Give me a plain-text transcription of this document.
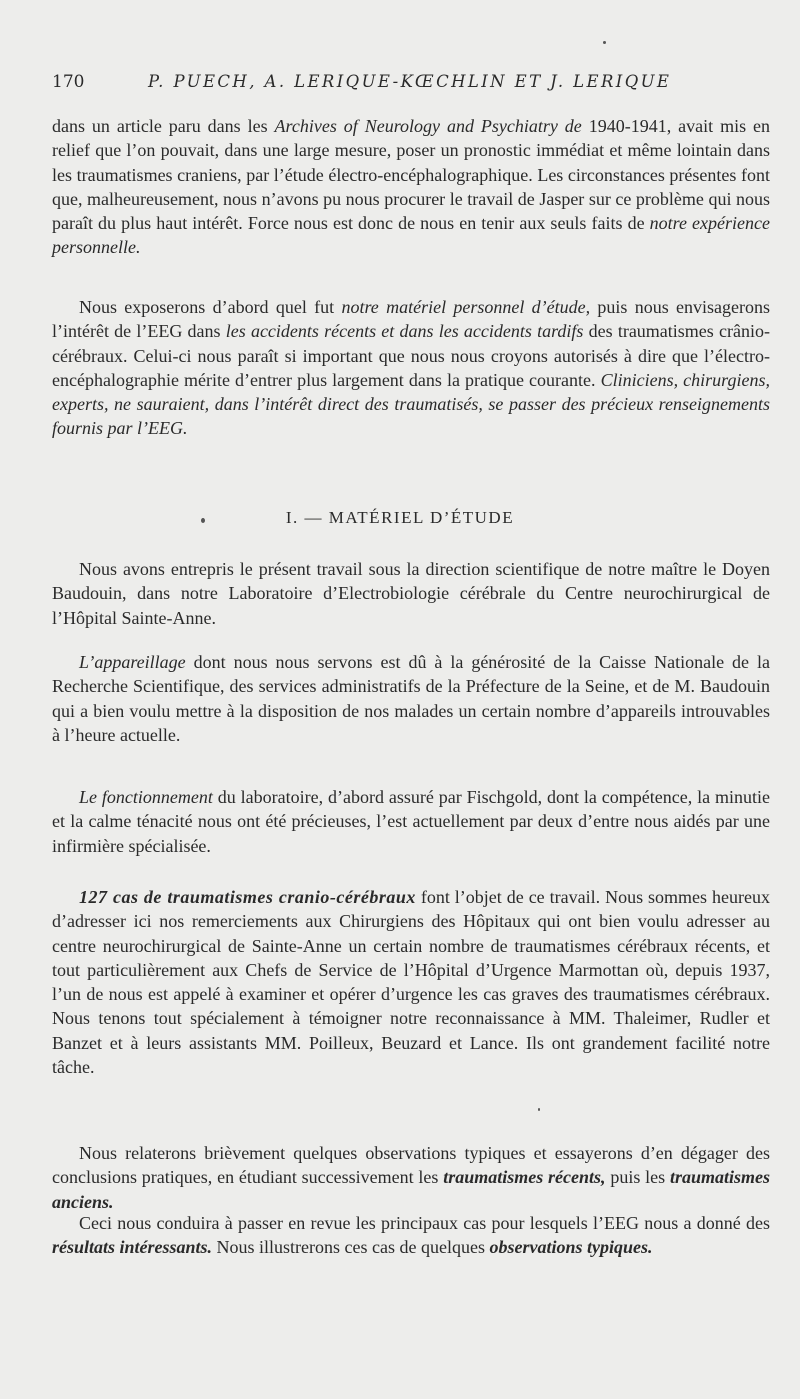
170	P. PUECH, A. LERIQUE-KŒCHLIN ET J. LERIQUE

dans un article paru dans les Archives of Neurology and Psychiatry de 1940-1941, avait mis en relief que l’on pouvait, dans une large mesure, poser un pronostic immédiat et même lointain dans les traumatismes craniens, par l’étude électro-encéphalographique. Les circonstances présentes font que, malheureusement, nous n’avons pu nous procurer le travail de Jasper sur ce problème qui nous paraît du plus haut intérêt. Force nous est donc de nous en tenir aux seuls faits de notre expérience personnelle.

Nous exposerons d’abord quel fut notre matériel personnel d’étude, puis nous envisagerons l’intérêt de l’EEG dans les accidents récents et dans les accidents tardifs des traumatismes crânio-cérébraux. Celui-ci nous paraît si important que nous nous croyons autorisés à dire que l’électro-encéphalographie mérite d’entrer plus largement dans la pratique courante. Cliniciens, chirurgiens, experts, ne sauraient, dans l’intérêt direct des traumatisés, se passer des précieux renseignements fournis par l’EEG.

I. — MATÉRIEL D’ÉTUDE

Nous avons entrepris le présent travail sous la direction scientifique de notre maître le Doyen Baudouin, dans notre Laboratoire d’Electrobiologie cérébrale du Centre neurochirurgical de l’Hôpital Sainte-Anne.

L’appareillage dont nous nous servons est dû à la générosité de la Caisse Nationale de la Recherche Scientifique, des services administratifs de la Préfecture de la Seine, et de M. Baudouin qui a bien voulu mettre à la disposition de nos malades un certain nombre d’appareils introuvables à l’heure actuelle.

Le fonctionnement du laboratoire, d’abord assuré par Fischgold, dont la compétence, la minutie et la calme ténacité nous ont été précieuses, l’est actuellement par deux d’entre nous aidés par une infirmière spécialisée.

127 cas de traumatismes cranio-cérébraux font l’objet de ce travail. Nous sommes heureux d’adresser ici nos remerciements aux Chirurgiens des Hôpitaux qui ont bien voulu adresser au centre neurochirurgical de Sainte-Anne un certain nombre de traumatismes cérébraux récents, et tout particulièrement aux Chefs de Service de l’Hôpital d’Urgence Marmottan où, depuis 1937, l’un de nous est appelé à examiner et opérer d’urgence les cas graves des traumatismes cérébraux. Nous tenons tout spécialement à témoigner notre reconnaissance à MM. Thaleimer, Rudler et Banzet et à leurs assistants MM. Poilleux, Beuzard et Lance. Ils ont grandement facilité notre tâche.

Nous relaterons brièvement quelques observations typiques et essayerons d’en dégager des conclusions pratiques, en étudiant successivement les traumatismes récents, puis les traumatismes anciens.

Ceci nous conduira à passer en revue les principaux cas pour lesquels l’EEG nous a donné des résultats intéressants. Nous illustrerons ces cas de quelques observations typiques.
